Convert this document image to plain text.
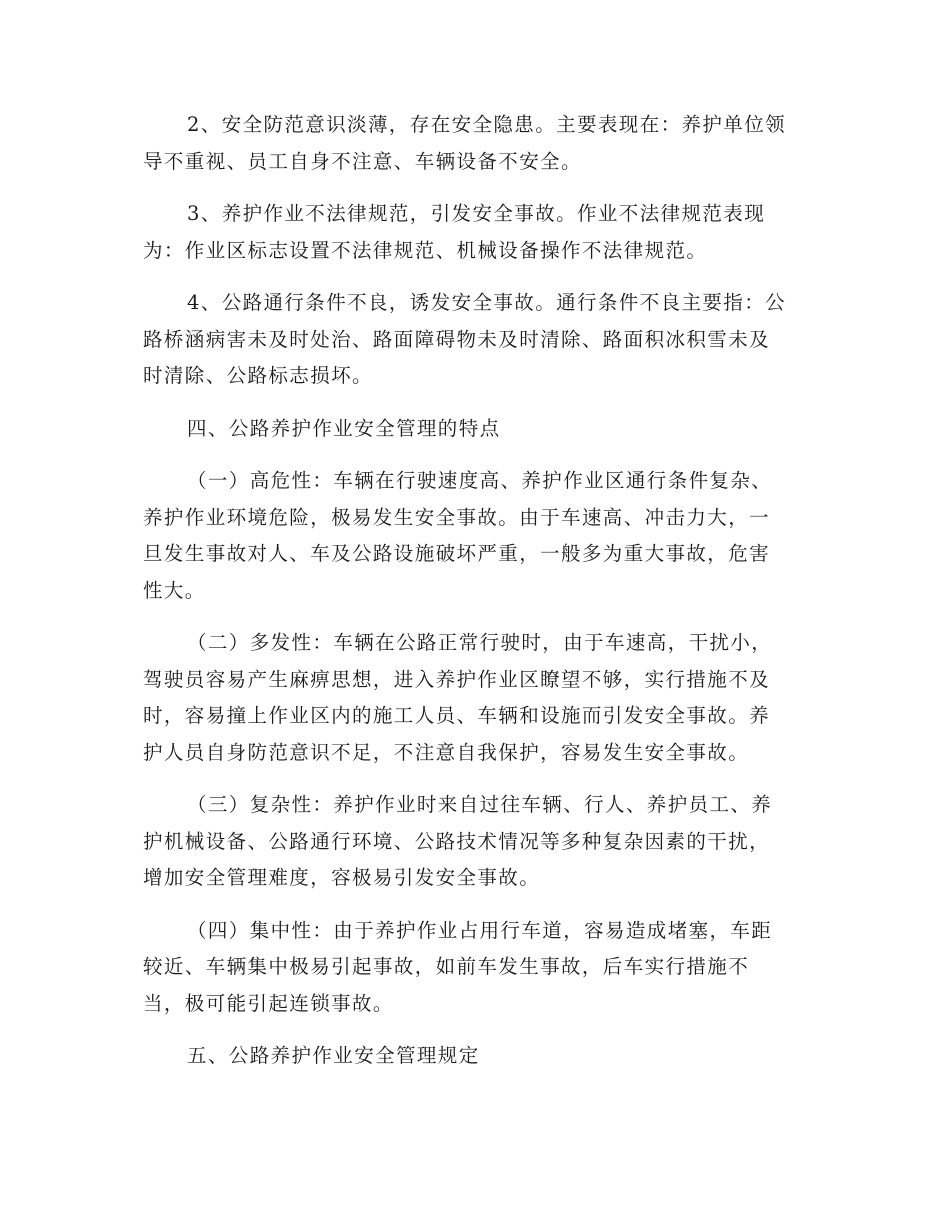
2、安全防范意识淡薄，存在安全隐患。主要表现在：养护单位领
导不重视、员工自身不注意、车辆设备不安全。
3、养护作业不法律规范，引发安全事故。作业不法律规范表现
为：作业区标志设置不法律规范、机械设备操作不法律规范。
4、公路通行条件不良，诱发安全事故。通行条件不良主要指：公
路桥涵病害未及时处治、路面障碍物未及时清除、路面积冰积雪未及
时清除、公路标志损坏。
四、公路养护作业安全管理的特点
（一）高危性：车辆在行驶速度高、养护作业区通行条件复杂、
养护作业环境危险，极易发生安全事故。由于车速高、冲击力大，一
旦发生事故对人、车及公路设施破坏严重，一般多为重大事故，危害
性大。
（二）多发性：车辆在公路正常行驶时，由于车速高，干扰小，
驾驶员容易产生麻痹思想，进入养护作业区瞭望不够，实行措施不及
时，容易撞上作业区内的施工人员、车辆和设施而引发安全事故。养
护人员自身防范意识不足，不注意自我保护，容易发生安全事故。
（三）复杂性：养护作业时来自过往车辆、行人、养护员工、养
护机械设备、公路通行环境、公路技术情况等多种复杂因素的干扰，
增加安全管理难度，容极易引发安全事故。
（四）集中性：由于养护作业占用行车道，容易造成堵塞，车距
较近、车辆集中极易引起事故，如前车发生事故，后车实行措施不
当，极可能引起连锁事故。
五、公路养护作业安全管理规定
